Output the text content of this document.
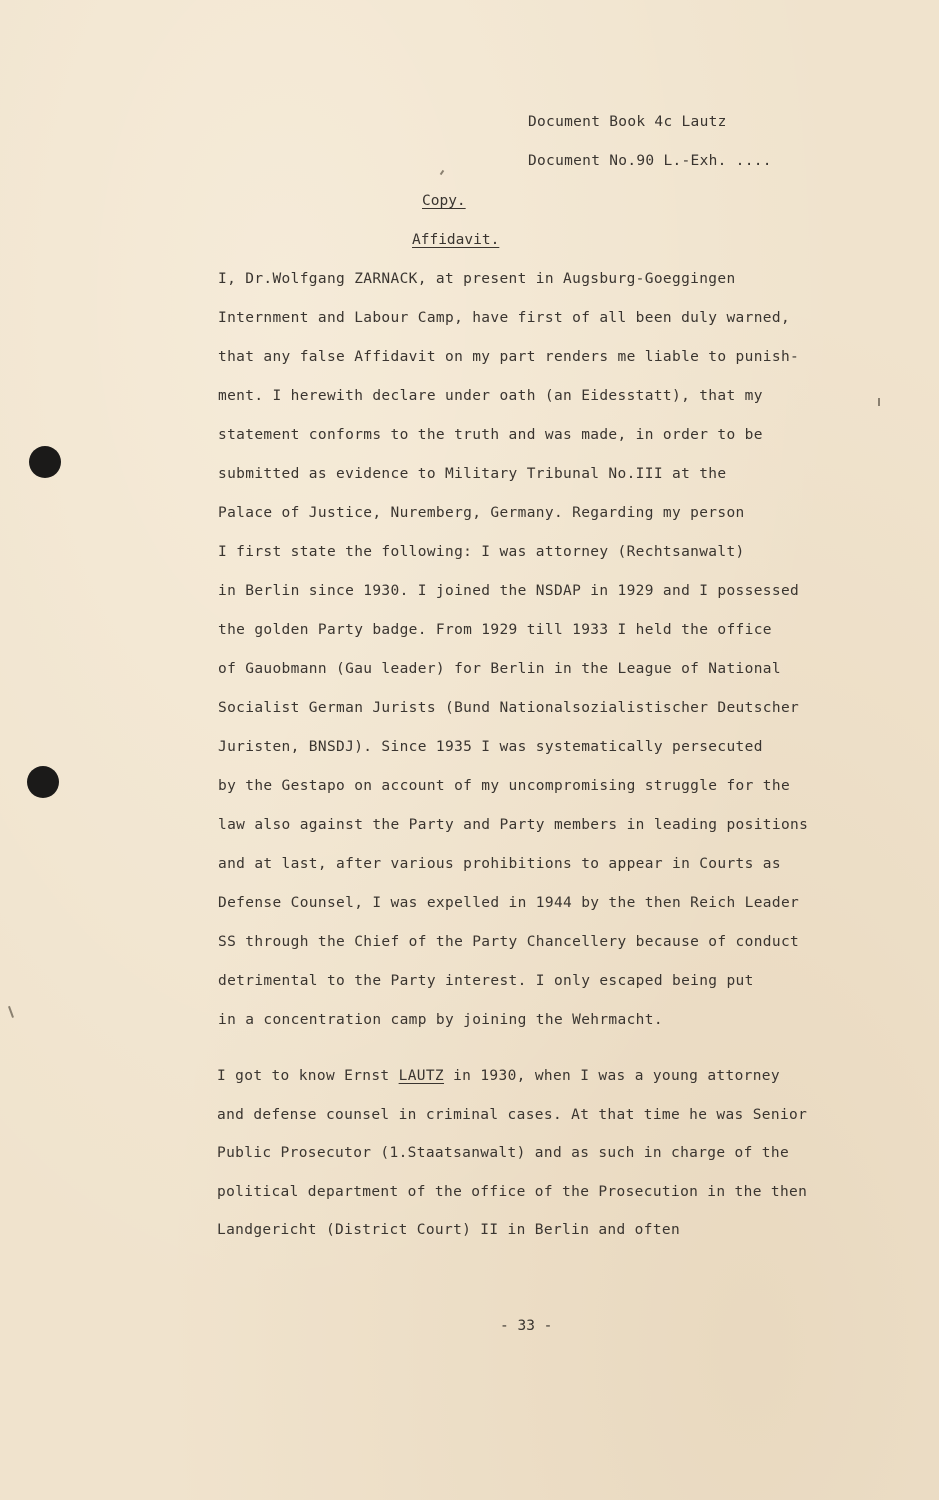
Document Book 4c Lautz
Document No.90 L.-Exh. ....
Copy.
Affidavit.
I, Dr.Wolfgang ZARNACK, at present in Augsburg-Goeggingen
Internment and Labour Camp, have first of all been duly warned,
that any false Affidavit on my part renders me liable to punish-
ment. I herewith declare under oath (an Eidesstatt), that my
statement conforms to the truth and was made, in order to be
submitted as evidence to Military Tribunal No.III at the
Palace of Justice, Nuremberg, Germany. Regarding my person
I first state the following: I was attorney (Rechtsanwalt)
in Berlin since 1930. I joined the NSDAP in 1929 and I possessed
the golden Party badge. From 1929 till 1933 I held the office
of Gauobmann (Gau leader) for Berlin in the League of National
Socialist German Jurists (Bund Nationalsozialistischer Deutscher
Juristen, BNSDJ). Since 1935 I was systematically persecuted
by the Gestapo on account of my uncompromising struggle for the
law also against the Party and Party members in leading positions
and at last, after various prohibitions to appear in Courts as
Defense Counsel, I was expelled in 1944 by the then Reich Leader
SS through the Chief of the Party Chancellery because of conduct
detrimental to the Party interest. I only escaped being put
in a concentration camp by joining the Wehrmacht.
I got to know Ernst LAUTZ in 1930, when I was a young attorney
and defense counsel in criminal cases. At that time he was Senior
Public Prosecutor (1.Staatsanwalt) and as such in charge of the
political department of the office of the Prosecution in the then
Landgericht (District Court) II in Berlin and often
- 33 -
